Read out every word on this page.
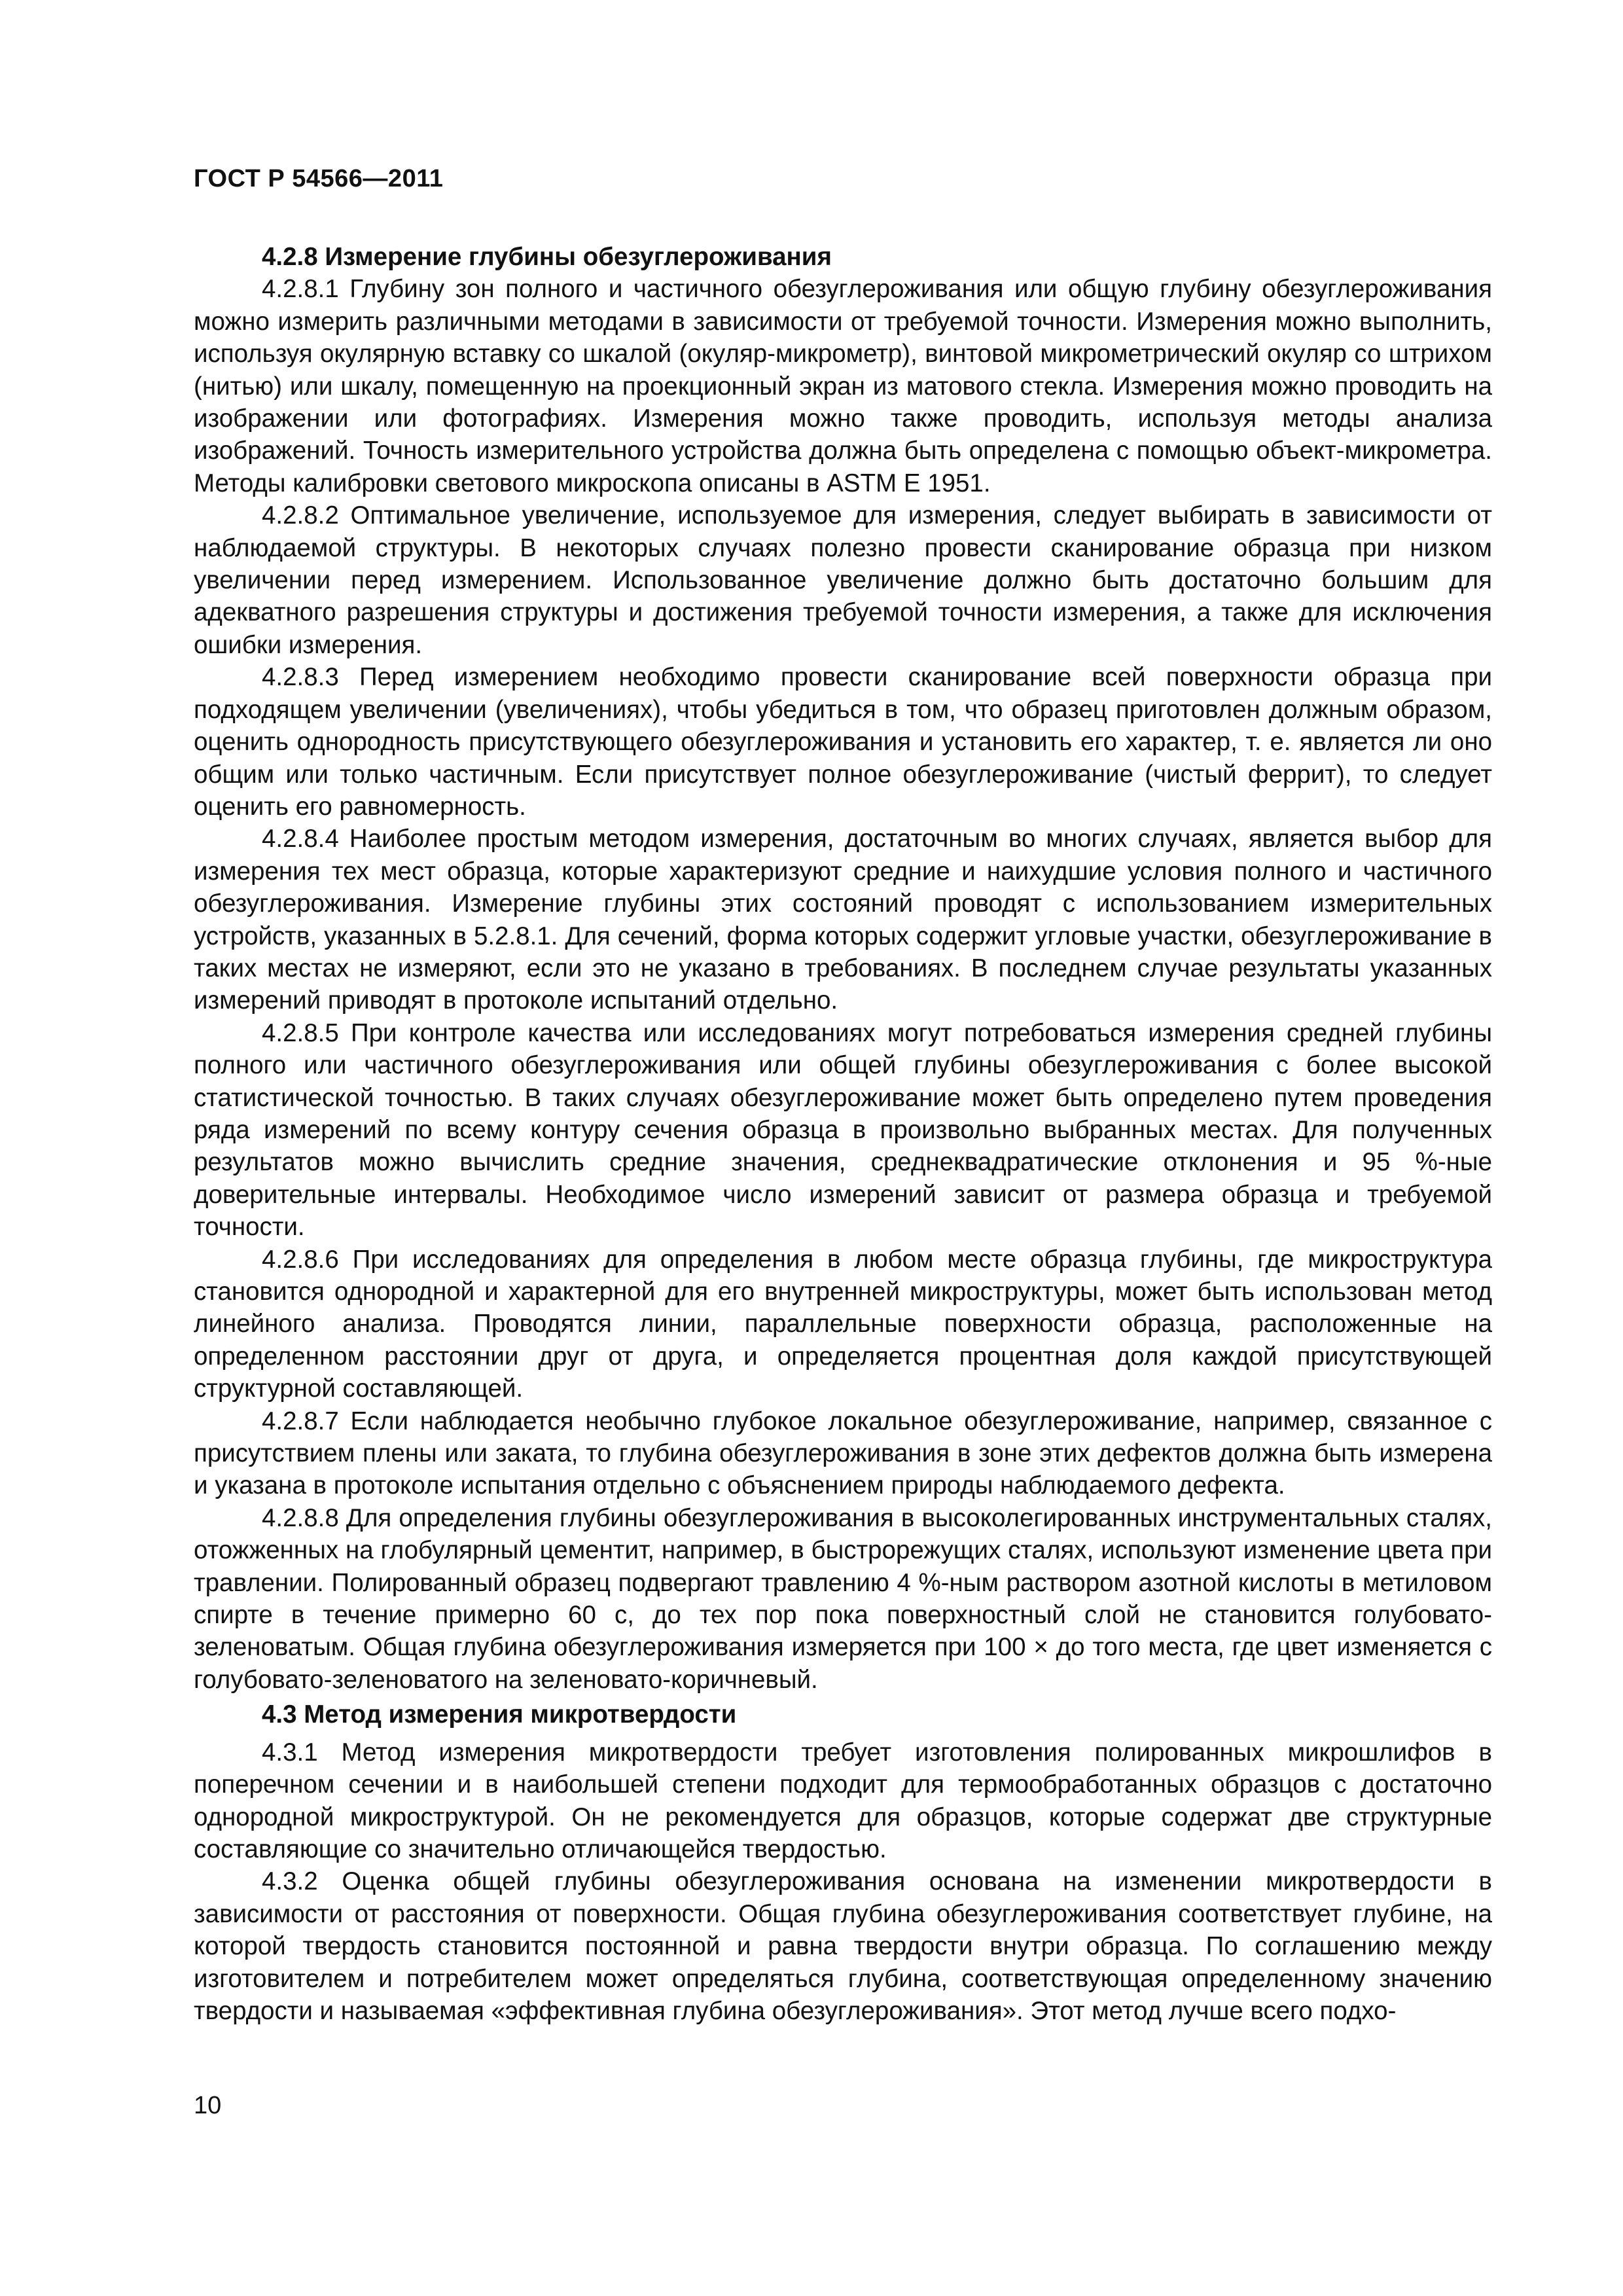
ГОСТ Р 54566—2011
4.2.8 Измерение глубины обезуглероживания

4.2.8.1 Глубину зон полного и частичного обезуглероживания или общую глубину обезуглероживания можно измерить различными методами в зависимости от требуемой точности. Измерения можно выполнить, используя окулярную вставку со шкалой (окуляр-микрометр), винтовой микрометрический окуляр со штрихом (нитью) или шкалу, помещенную на проекционный экран из матового стекла. Измерения можно проводить на изображении или фотографиях. Измерения можно также проводить, используя методы анализа изображений. Точность измерительного устройства должна быть определена с помощью объект-микрометра. Методы калибровки светового микроскопа описаны в ASTM E 1951.

4.2.8.2 Оптимальное увеличение, используемое для измерения, следует выбирать в зависимости от наблюдаемой структуры. В некоторых случаях полезно провести сканирование образца при низком увеличении перед измерением. Использованное увеличение должно быть достаточно большим для адекватного разрешения структуры и достижения требуемой точности измерения, а также для исключения ошибки измерения.

4.2.8.3 Перед измерением необходимо провести сканирование всей поверхности образца при подходящем увеличении (увеличениях), чтобы убедиться в том, что образец приготовлен должным образом, оценить однородность присутствующего обезуглероживания и установить его характер, т. е. является ли оно общим или только частичным. Если присутствует полное обезуглероживание (чистый феррит), то следует оценить его равномерность.

4.2.8.4 Наиболее простым методом измерения, достаточным во многих случаях, является выбор для измерения тех мест образца, которые характеризуют средние и наихудшие условия полного и частичного обезуглероживания. Измерение глубины этих состояний проводят с использованием измерительных устройств, указанных в 5.2.8.1. Для сечений, форма которых содержит угловые участки, обезуглероживание в таких местах не измеряют, если это не указано в требованиях. В последнем случае результаты указанных измерений приводят в протоколе испытаний отдельно.

4.2.8.5 При контроле качества или исследованиях могут потребоваться измерения средней глубины полного или частичного обезуглероживания или общей глубины обезуглероживания с более высокой статистической точностью. В таких случаях обезуглероживание может быть определено путем проведения ряда измерений по всему контуру сечения образца в произвольно выбранных местах. Для полученных результатов можно вычислить средние значения, среднеквадратические отклонения и 95 %-ные доверительные интервалы. Необходимое число измерений зависит от размера образца и требуемой точности.

4.2.8.6 При исследованиях для определения в любом месте образца глубины, где микроструктура становится однородной и характерной для его внутренней микроструктуры, может быть использован метод линейного анализа. Проводятся линии, параллельные поверхности образца, расположенные на определенном расстоянии друг от друга, и определяется процентная доля каждой присутствующей структурной составляющей.

4.2.8.7 Если наблюдается необычно глубокое локальное обезуглероживание, например, связанное с присутствием плены или заката, то глубина обезуглероживания в зоне этих дефектов должна быть измерена и указана в протоколе испытания отдельно с объяснением природы наблюдаемого дефекта.

4.2.8.8 Для определения глубины обезуглероживания в высоколегированных инструментальных сталях, отожженных на глобулярный цементит, например, в быстрорежущих сталях, используют изменение цвета при травлении. Полированный образец подвергают травлению 4 %-ным раствором азотной кислоты в метиловом спирте в течение примерно 60 с, до тех пор пока поверхностный слой не становится голубовато-зеленоватым. Общая глубина обезуглероживания измеряется при 100 × до того места, где цвет изменяется с голубовато-зеленоватого на зеленовато-коричневый.

4.3 Метод измерения микротвердости

4.3.1 Метод измерения микротвердости требует изготовления полированных микрошлифов в поперечном сечении и в наибольшей степени подходит для термообработанных образцов с достаточно однородной микроструктурой. Он не рекомендуется для образцов, которые содержат две структурные составляющие со значительно отличающейся твердостью.

4.3.2 Оценка общей глубины обезуглероживания основана на изменении микротвердости в зависимости от расстояния от поверхности. Общая глубина обезуглероживания соответствует глубине, на которой твердость становится постоянной и равна твердости внутри образца. По соглашению между изготовителем и потребителем может определяться глубина, соответствующая определенному значению твердости и называемая «эффективная глубина обезуглероживания». Этот метод лучше всего подхо-

10
